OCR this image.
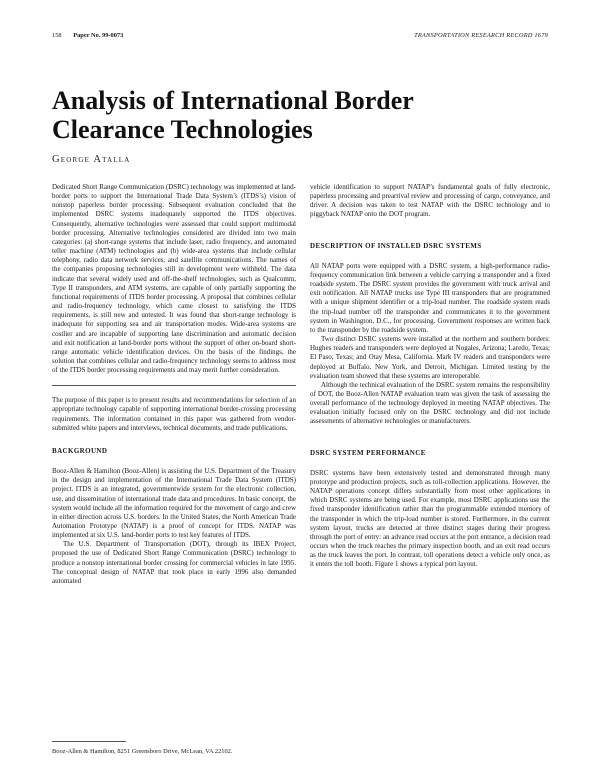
158 Paper No. 99-0073	TRANSPORTATION RESEARCH RECORD 1679
Analysis of International Border Clearance Technologies

George Atalla

Dedicated Short Range Communication (DSRC) technology was implemented at land-border ports to support the International Trade Data System’s (ITDS’s) vision of nonstop paperless border processing. Subsequent evaluation concluded that the implemented DSRC systems inadequately supported the ITDS objectives. Consequently, alternative technologies were assessed that could support multimodal border processing. Alternative technologies considered are divided into two main categories: (a) short-range systems that include laser, radio frequency, and automated teller machine (ATM) technologies and (b) wide-area systems that include cellular telephony, radio data network services, and satellite communications. The names of the companies proposing technologies still in development were withheld. The data indicate that several widely used and off-the-shelf technologies, such as Qualcomm, Type II transponders, and ATM systems, are capable of only partially supporting the functional requirements of ITDS border processing. A proposal that combines cellular and radio-frequency technology, which came closest to satisfying the ITDS requirements, is still new and untested. It was found that short-range technology is inadequate for supporting sea and air transportation modes. Wide-area systems are costlier and are incapable of supporting lane discrimination and automatic decision and exit notification at land-border ports without the support of other on-board short-range automatic vehicle identification devices. On the basis of the findings, the solution that combines cellular and radio-frequency technology seems to address most of the ITDS border processing requirements and may merit further consideration.

The purpose of this paper is to present results and recommendations for selection of an appropriate technology capable of supporting international border-crossing processing requirements. The information contained in this paper was gathered from vendor-submitted white papers and interviews, technical documents, and trade publications.

BACKGROUND

Booz-Allen & Hamilton (Booz-Allen) is assisting the U.S. Department of the Treasury in the design and implementation of the International Trade Data System (ITDS) project. ITDS is an integrated, governmentwide system for the electronic collection, use, and dissemination of international trade data and procedures. In basic concept, the system would include all the information required for the movement of cargo and crew in either direction across U.S. borders. In the United States, the North American Trade Automation Prototype (NATAP) is a proof of concept for ITDS. NATAP was implemented at six U.S. land-border ports to test key features of ITDS.

The U.S. Department of Transportation (DOT), through its IBEX Project, proposed the use of Dedicated Short Range Communication (DSRC) technology to produce a nonstop international border crossing for commercial vehicles in late 1995. The conceptual design of NATAP that took place in early 1996 also demanded automated

vehicle identification to support NATAP’s fundamental goals of fully electronic, paperless processing and prearrival review and processing of cargo, conveyance, and driver. A decision was taken to test NATAP with the DSRC technology and to piggyback NATAP onto the DOT program.

DESCRIPTION OF INSTALLED DSRC SYSTEMS

All NATAP ports were equipped with a DSRC system, a high-performance radio-frequency communication link between a vehicle carrying a transponder and a fixed roadside system. The DSRC system provides the government with truck arrival and exit notification. All NATAP trucks use Type III transponders that are programmed with a unique shipment identifier or a trip-load number. The roadside system reads the trip-load number off the transponder and communicates it to the government system in Washington, D.C., for processing. Government responses are written back to the transponder by the roadside system.

Two distinct DSRC systems were installed at the northern and southern borders: Hughes readers and transponders were deployed at Nogales, Arizona; Laredo, Texas; El Paso, Texas; and Otay Mesa, California. Mark IV readers and transponders were deployed at Buffalo, New York, and Detroit, Michigan. Limited testing by the evaluation team showed that these systems are interoperable.

Although the technical evaluation of the DSRC system remains the responsibility of DOT, the Booz-Allen NATAP evaluation team was given the task of assessing the overall performance of the technology deployed in meeting NATAP objectives. The evaluation initially focused only on the DSRC technology and did not include assessments of alternative technologies or manufacturers.

DSRC SYSTEM PERFORMANCE

DSRC systems have been extensively tested and demonstrated through many prototype and production projects, such as toll-collection applications. However, the NATAP operations concept differs substantially from most other applications in which DSRC systems are being used. For example, most DSRC applications use the fixed transponder identification rather than the programmable extended memory of the transponder in which the trip-load number is stored. Furthermore, in the current system layout, trucks are detected at three distinct stages during their progress through the port of entry: an advance read occurs at the port entrance, a decision read occurs when the truck reaches the primary inspection booth, and an exit read occurs as the truck leaves the port. In contrast, toll operations detect a vehicle only once, as it enters the toll booth. Figure 1 shows a typical port layout.

Booz-Allen & Hamilton, 8251 Greensboro Drive, McLean, VA 22102.
